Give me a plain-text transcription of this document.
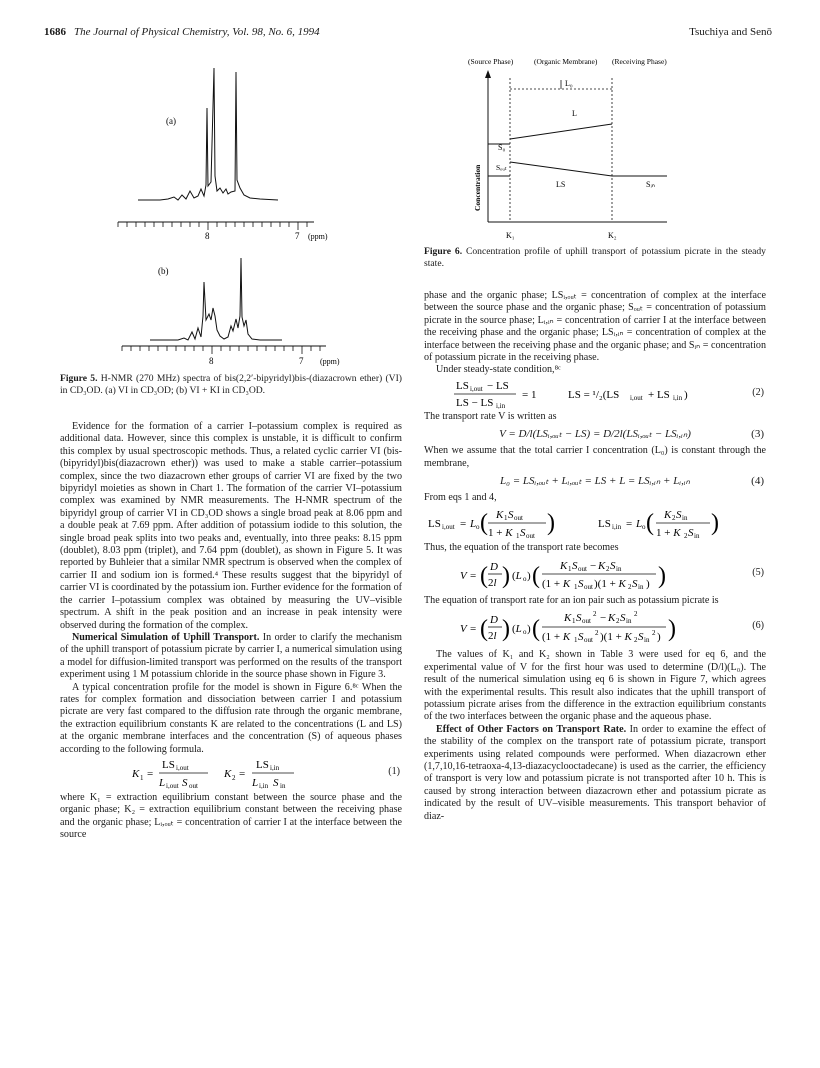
1686 The Journal of Physical Chemistry, Vol. 98, No. 6, 1994	Tsuchiya and Senō
(a)
8	7 (ppm)
(b)
8	7 (ppm)
Figure 5. H-NMR (270 MHz) spectra of bis(2,2′-bipyridyl)bis-(diazacrown ether) (VI) in CD₃OD. (a) VI in CD₃OD; (b) VI + KI in CD₃OD.

Evidence for the formation of a carrier I–potassium complex is required as additional data. However, since this complex is unstable, it is difficult to confirm this complex by usual spectroscopic methods. Thus, a related cyclic carrier VI (bis-(bipyridyl)bis(diazacrown ether)) was used to make a stable carrier–potassium complex, since the two diazacrown ether groups of carrier VI are fixed by the two bipyridyl moieties as shown in Chart 1. The formation of the carrier VI–potassium complex was examined by NMR measurements. The H-NMR spectrum of the bipyridyl group of carrier VI in CD₃OD shows a single broad peak at 8.06 ppm and a double peak at 7.69 ppm. After addition of potassium iodide to this solution, the single broad peak splits into two peaks and, eventually, into three peaks: 8.15 ppm (doublet), 8.03 ppm (triplet), and 7.64 ppm (doublet), as shown in Figure 5. It was reported by Buhleier that a similar NMR spectrum is observed when the complex of carrier II and sodium ion is formed.⁴ These results suggest that the bipyridyl of carrier VI is coordinated by the potassium ion. Further evidence for the formation of the carrier I–potassium complex was obtained by measuring the UV–visible spectrum. A shift in the peak position and an increase in peak intensity were observed during the formation of the complex.

Numerical Simulation of Uphill Transport. In order to clarify the mechanism of the uphill transport of potassium picrate by carrier I, a numerical simulation using a model for diffusion-limited transport was performed on the results of the transport experiment using 1 M potassium chloride in the source phase shown in Figure 3.

A typical concentration profile for the model is shown in Figure 6.⁸ᶜ When the rates for complex formation and dissociation between carrier I and potassium picrate are very fast compared to the diffusion rate through the organic membrane, the extraction equilibrium constants K are related to the concentrations (L and LS) at the organic membrane interfaces and the concentration (S) of aqueous phases according to the following formula.

K 1 =
LS i,out
L i,out S out
K 2 =
LS i,in
L i,in S in
(1)

where K₁ = extraction equilibrium constant between the source phase and the organic phase; K₂ = extraction equilibrium constant between the receiving phase and the organic phase; Lᵢ,ₒᵤₜ = concentration of carrier I at the interface between the source

(Source Phase)	(Organic Membrane) (Receiving Phase)
Concentration
L₀
S₀
Sₒᵤₜ
L
LS	Sᵢₙ
K₁	K₂
Figure 6. Concentration profile of uphill transport of potassium picrate in the steady state.

phase and the organic phase; LSᵢ,ₒᵤₜ = concentration of complex at the interface between the source phase and the organic phase; Sₒᵤₜ = concentration of potassium picrate in the source phase; Lᵢ,ᵢₙ = concentration of carrier I at the interface between the receiving phase and the organic phase; LSᵢ,ᵢₙ = concentration of complex at the interface between the receiving phase and the organic phase; and Sᵢₙ = concentration of potassium picrate in the receiving phase.

Under steady-state condition,⁸ᶜ

LS i,out − LS
LS − LS i,in
= 1	LS = ¹/₂(LS i,out + LS i,in )	(2)

The transport rate V is written as

V = D/l(LSᵢ,ₒᵤₜ − LS) = D/2l(LSᵢ,ₒᵤₜ − LSᵢ,ᵢₙ)	(3)

When we assume that the total carrier I concentration (L₀) is constant through the membrane,

L₀ = LSᵢ,ₒᵤₜ + Lᵢ,ₒᵤₜ = LS + L = LSᵢ,ᵢₙ + Lᵢ,ᵢₙ	(4)

From eqs 1 and 4,

LS i,out = L o ( K 1 S out
1 + K 1 S out )	LS i,in = L o ( K 2 S in
1 + K 2 S in )

Thus, the equation of the transport rate becomes

V = ( D
2l ) (L o ) ( K 1 S out − K 2 S in
(1 + K 1 S out )(1 + K 2 S in ) )	(5)

The equation of transport rate for an ion pair such as potassium picrate is

V = ( D
2l ) (L o ) ( K 1 S out
2 − K 2 S in
2
(1 + K 1 S out
2 )(1 + K 2 S in
2 ) )	(6)

The values of K₁ and K₂ shown in Table 3 were used for eq 6, and the experimental value of V for the first hour was used to determine (D/l)(L₀). The result of the numerical simulation using eq 6 is shown in Figure 7, which agrees with the experimental results. This result also indicates that the uphill transport of potassium picrate arises from the difference in the extraction equilibrium constants of the two interfaces between the organic phase and the aqueous phase.

Effect of Other Factors on Transport Rate. In order to examine the effect of the stability of the complex on the transport rate of potassium picrate, transport experiments using related compounds were performed. When diazacrown ether (1,7,10,16-tetraoxa-4,13-diazacyclooctadecane) is used as the carrier, the efficiency of transport is very low and potassium picrate is not transported after 10 h. This is caused by strong interaction between diazacrown ether and potassium picrate as indicated by the result of UV–visible measurements. This transport behavior of diaz-
